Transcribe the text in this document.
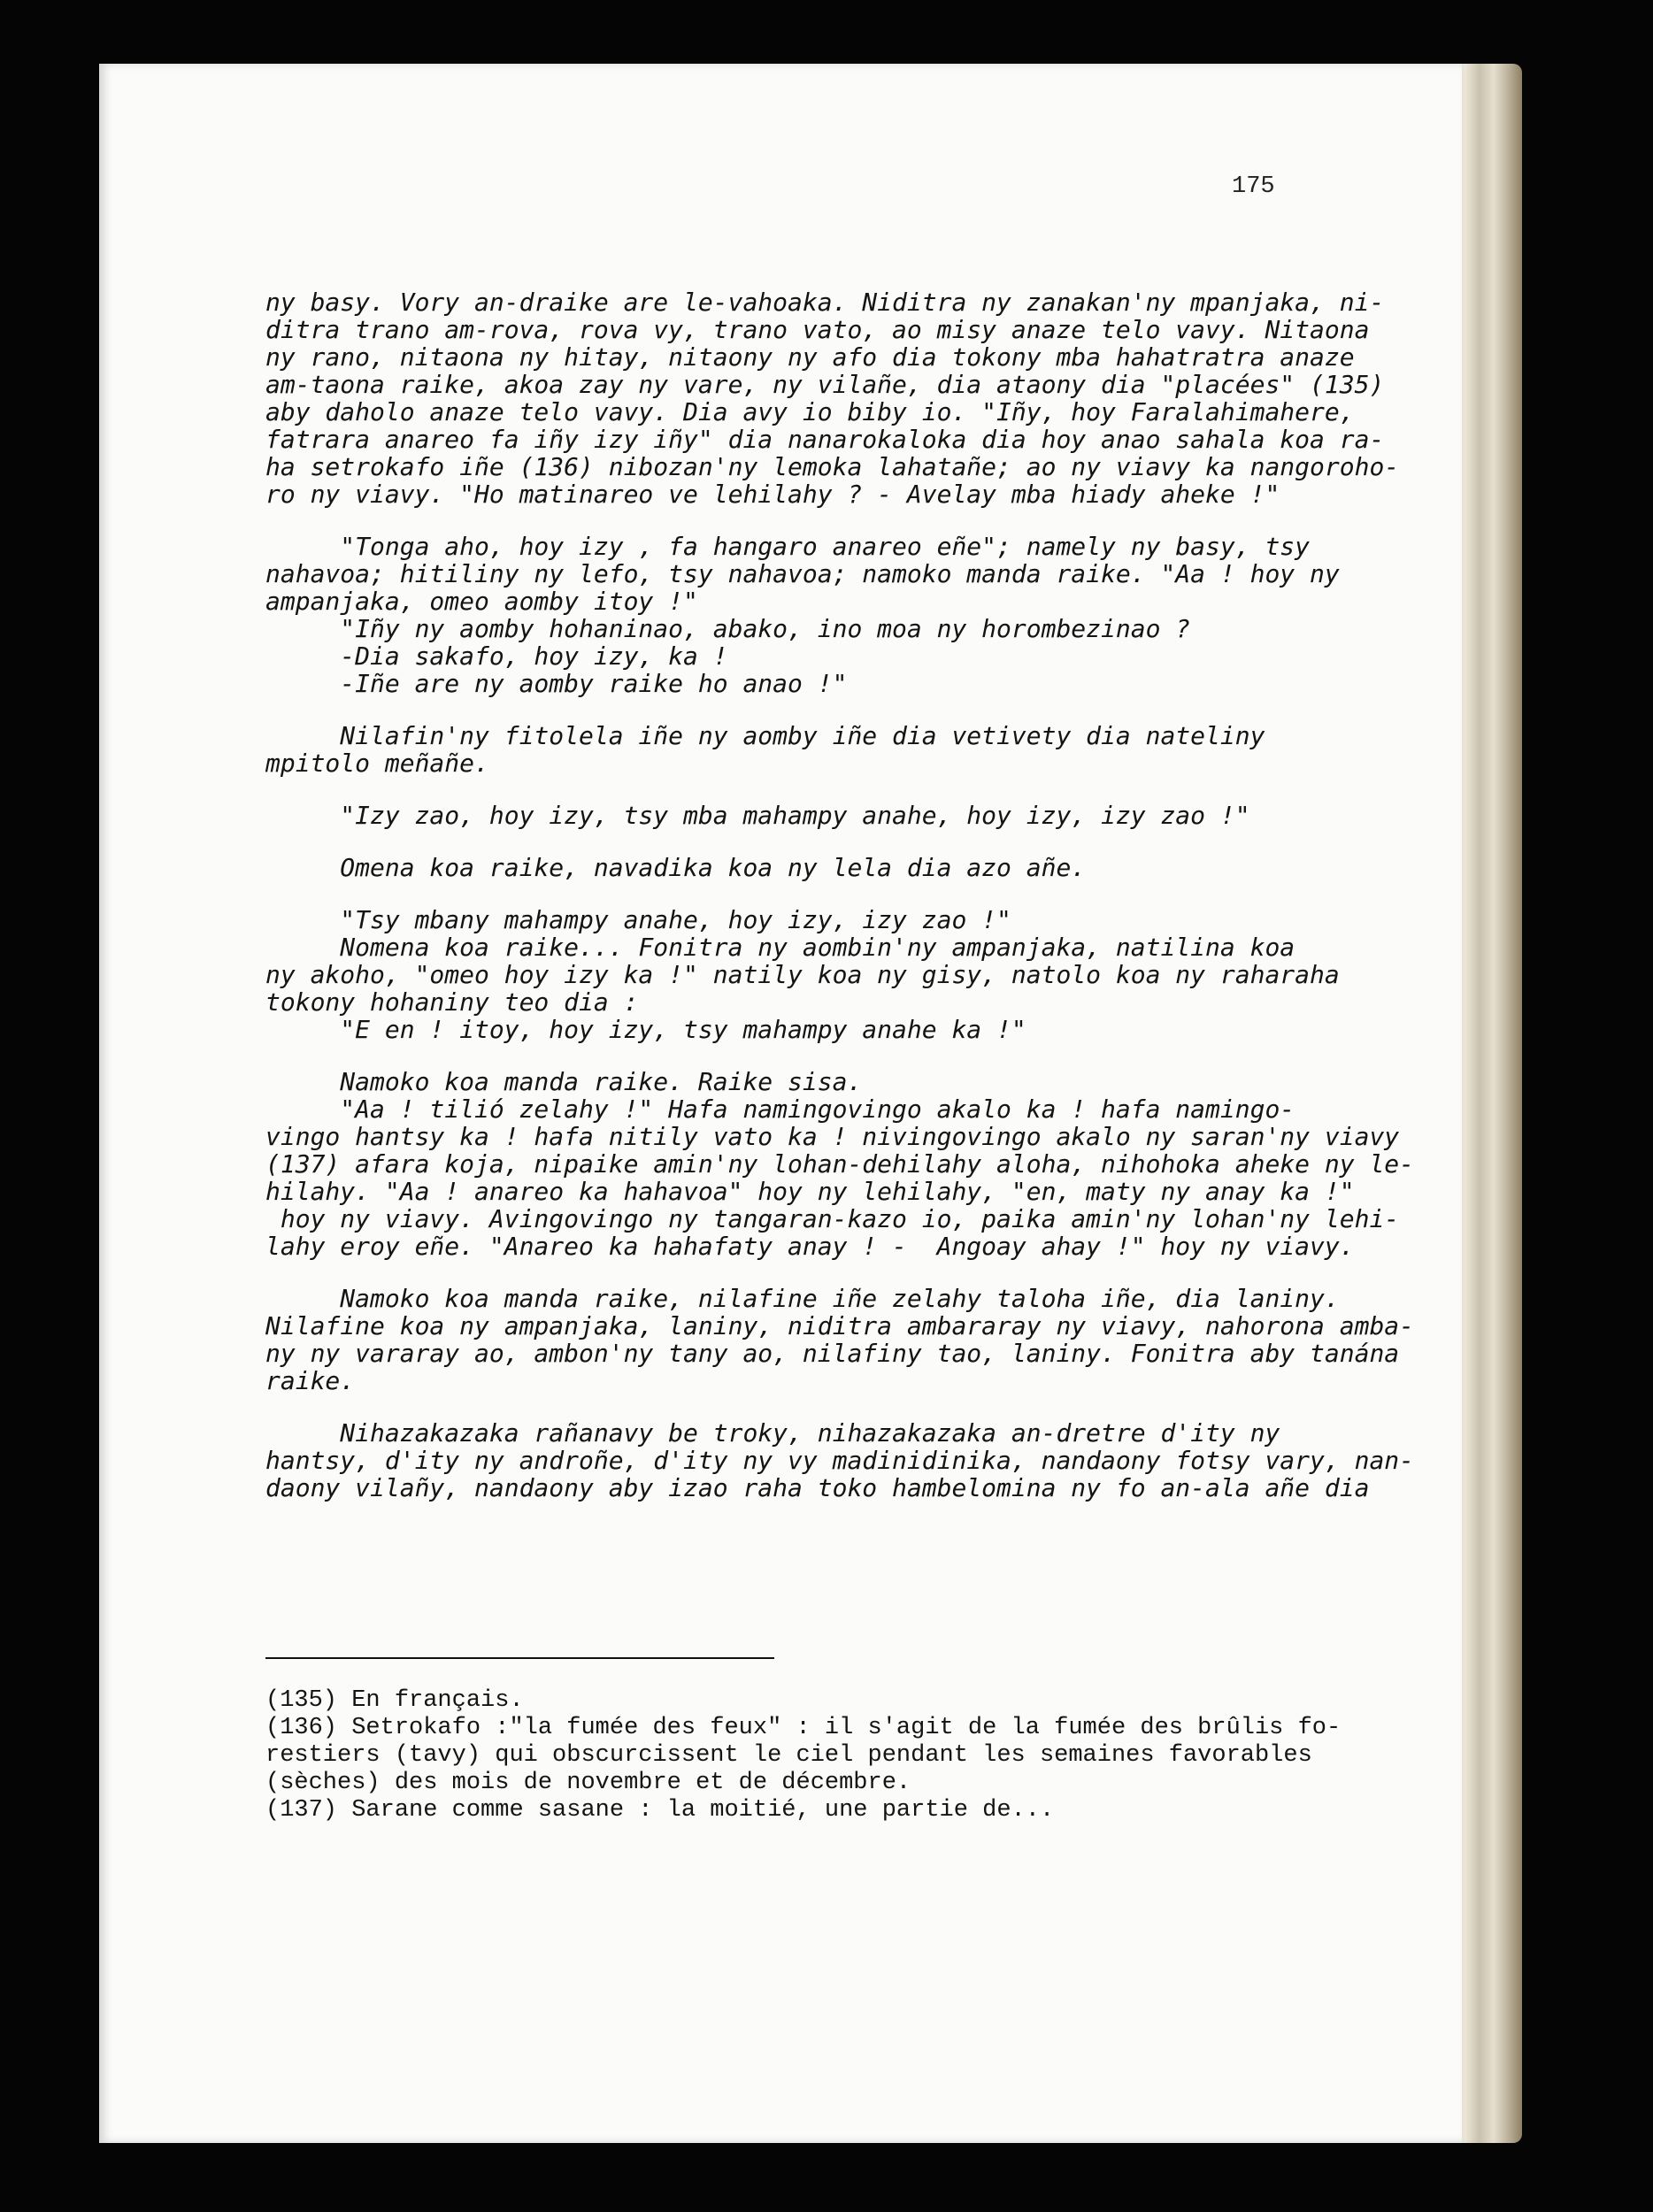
175
ny basy. Vory an-draike are le-vahoaka. Niditra ny zanakan'ny mpanjaka, ni-
ditra trano am-rova, rova vy, trano vato, ao misy anaze telo vavy. Nitaona
ny rano, nitaona ny hitay, nitaony ny afo dia tokony mba hahatratra anaze
am-taona raike, akoa zay ny vare, ny vilañe, dia ataony dia "placées" (135)
aby daholo anaze telo vavy. Dia avy io biby io. "Iñy, hoy Faralahimahere,
fatrara anareo fa iñy izy iñy" dia nanarokaloka dia hoy anao sahala koa ra-
ha setrokafo iñe (136) nibozan'ny lemoka lahatañe; ao ny viavy ka nangoroho-
ro ny viavy. "Ho matinareo ve lehilahy ? - Avelay mba hiady aheke !"
"Tonga aho, hoy izy , fa hangaro anareo eñe"; namely ny basy, tsy
nahavoa; hitiliny ny lefo, tsy nahavoa; namoko manda raike. "Aa ! hoy ny
ampanjaka, omeo aomby itoy !"
"Iñy ny aomby hohaninao, abako, ino moa ny horombezinao ?
-Dia sakafo, hoy izy, ka !
-Iñe are ny aomby raike ho anao !"
Nilafin'ny fitolela iñe ny aomby iñe dia vetivety dia nateliny
mpitolo meñañe.
"Izy zao, hoy izy, tsy mba mahampy anahe, hoy izy, izy zao !"
Omena koa raike, navadika koa ny lela dia azo añe.
"Tsy mbany mahampy anahe, hoy izy, izy zao !"
Nomena koa raike... Fonitra ny aombin'ny ampanjaka, natilina koa
ny akoho, "omeo hoy izy ka !" natily koa ny gisy, natolo koa ny raharaha
tokony hohaniny teo dia :
"E en ! itoy, hoy izy, tsy mahampy anahe ka !"
Namoko koa manda raike. Raike sisa.
"Aa ! tilió zelahy !" Hafa namingovingo akalo ka ! hafa namingo-
vingo hantsy ka ! hafa nitily vato ka ! nivingovingo akalo ny saran'ny viavy
(137) afara koja, nipaike amin'ny lohan-dehilahy aloha, nihohoka aheke ny le-
hilahy. "Aa ! anareo ka hahavoa" hoy ny lehilahy, "en, maty ny anay ka !"
hoy ny viavy. Avingovingo ny tangaran-kazo io, paika amin'ny lohan'ny lehi-
lahy eroy eñe. "Anareo ka hahafaty anay ! -  Angoay ahay !" hoy ny viavy.
Namoko koa manda raike, nilafine iñe zelahy taloha iñe, dia laniny.
Nilafine koa ny ampanjaka, laniny, niditra ambararay ny viavy, nahorona amba-
ny ny vararay ao, ambon'ny tany ao, nilafiny tao, laniny. Fonitra aby tanána
raike.
Nihazakazaka rañanavy be troky, nihazakazaka an-dretre d'ity ny
hantsy, d'ity ny androñe, d'ity ny vy madinidinika, nandaony fotsy vary, nan-
daony vilañy, nandaony aby izao raha toko hambelomina ny fo an-ala añe dia
(135) En français.
(136) Setrokafo :"la fumée des feux" : il s'agit de la fumée des brûlis fo-
restiers (tavy) qui obscurcissent le ciel pendant les semaines favorables
(sèches) des mois de novembre et de décembre.
(137) Sarane comme sasane : la moitié, une partie de...
